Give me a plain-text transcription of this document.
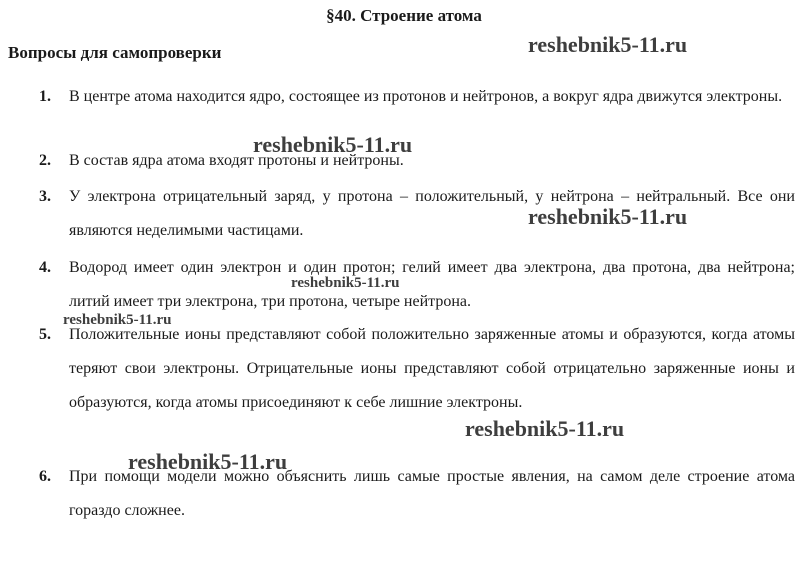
§40. Строение атома
Вопросы для самопроверки
1. В центре атома находится ядро, состоящее из протонов и нейтронов, а вокруг ядра движутся электроны.
2. В состав ядра атома входят протоны и нейтроны.
3. У электрона отрицательный заряд, у протона – положительный, у нейтрона – нейтральный. Все они являются неделимыми частицами.
4. Водород имеет один электрон и один протон; гелий имеет два электрона, два протона, два нейтрона; литий имеет три электрона, три протона, четыре нейтрона.
5. Положительные ионы представляют собой положительно заряженные атомы и образуются, когда атомы теряют свои электроны. Отрицательные ионы представляют собой отрицательно заряженные ионы и образуются, когда атомы присоединяют к себе лишние электроны.
6. При помощи модели можно объяснить лишь самые простые явления, на самом деле строение атома гораздо сложнее.
reshebnik5-11.ru
reshebnik5-11.ru
reshebnik5-11.ru
reshebnik5-11.ru
reshebnik5-11.ru
reshebnik5-11.ru
reshebnik5-11.ru
